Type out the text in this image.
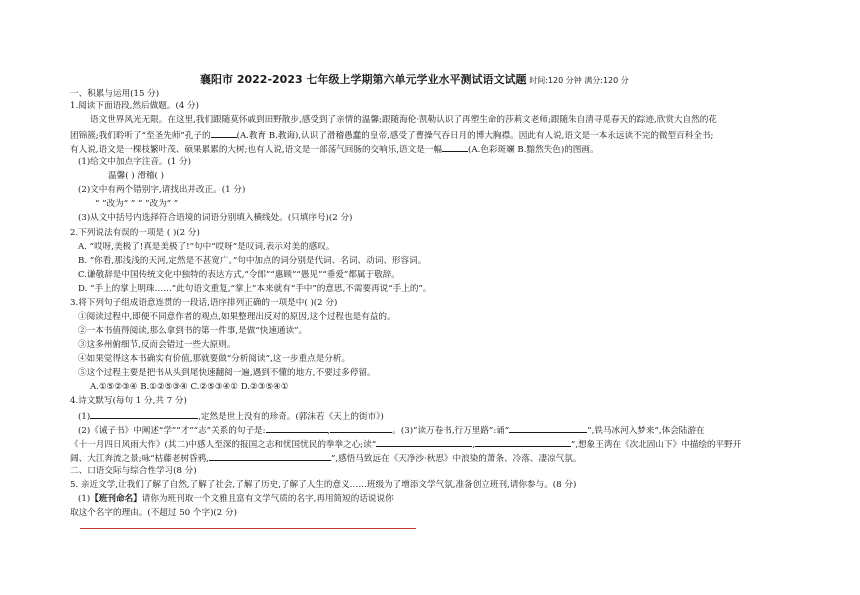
襄阳市 2022-2023 七年级上学期第六单元学业水平测试语文试题 时间:120 分钟 满分:120 分
一、积累与运用(15 分)
1.阅读下面语段,然后做题。(4 分)
语文世界风光无限。在这里,我们跟随莫怀戚到田野散步,感受到了亲情的温馨;跟随海伦·凯勒认识了再塑生命的莎莉文老师;跟随朱自清寻觅春天的踪迹,欣赏大自然的花
团锦簇;我们聆听了“至圣先师”孔子的	(A.教育 B.教诲),认识了滑稽愚蠢的皇帝,感受了曹操气吞日月的博大胸襟。因此有人说,语文是一本永远读不完的微型百科全书;
有人说,语文是一棵枝繁叶茂、硕果累累的大树;也有人说,语文是一部荡气回肠的交响乐,语文是一幅	(A.色彩斑斓 B.黯然失色)的图画。
(1)给文中加点字注音。(1 分)
温馨( ) 滑稽( )
(2)文中有两个错别字,请找出并改正。(1 分)
“ ”改为“ ” “ ”改为“ ”
(3)从文中括号内选择符合语境的词语分别填入横线处。(只填序号)(2 分)
2.下列说法有误的一项是 ( )(2 分)
A. “哎呀,美极了!真是美极了!”句中“哎呀”是叹词,表示对美的感叹。
B. “你看,那浅浅的天河,定然是不甚宽广。”句中加点的词分别是代词、名词、动词、形容词。
C.谦敬辞是中国传统文化中独特的表达方式,“令郎”“惠顾”“愚见”“垂爱”都属于敬辞。
D. “手上的掌上明珠……”此句语文重复,“掌上”本来就有“手中”的意思,不需要再说“手上的”。
3.将下列句子组成语意连贯的一段话,语序排列正确的一项是中( )(2 分)
①阅读过程中,即便不同意作者的观点,如果整理出反对的原因,这个过程也是有益的。
②一本书值得阅读,那么拿到书的第一件事,是做“快速通读”。
③这多州俯细节,反而会错过一些大原则。
④如果觉得这本书确实有价值,那就要做“分析阅读”,这一步重点是分析。
⑤这个过程主要是把书从头到尾快速翻阅一遍,遇到不懂的地方,不要过多停留。
A.①⑤②③④ B.①②⑤③④ C.②⑤③④① D.②③⑤④①
4.诗文默写(每句 1 分,共 7 分)
(1)	,定然是世上没有的珍奇。(郭沫若《天上的街市》)
(2)《诫子书》中阐述“学”“才”“志”关系的句子是:	,	。(3)“读万卷书,行万里路”:诵“	”,铁马冰河入梦来”,体会陆游在
《十一月四日风雨大作》(其二)中感人至深的报国之志和忧国忧民的拳拳之心;读“	,	”,想象王湾在《次北固山下》中描绘的平野开
阔、大江奔流之景;咏“枯藤老树昏鸦,	”,感悟马致远在《天净沙·秋思》中浪染的萧条、冷落、凄凉气氛。
二、口语交际与综合性学习(8 分)
5. 亲近文学,让我们了解了自然,了解了社会,了解了历史,了解了人生的意义……班级为了增添文学气氛,准备创立班刊,请你参与。(8 分)
(1)【班刊命名】请你为班刊取一个文雅且富有文学气质的名字,再用简短的话说说你
取这个名字的理由。(不超过 50 个字)(2 分)
